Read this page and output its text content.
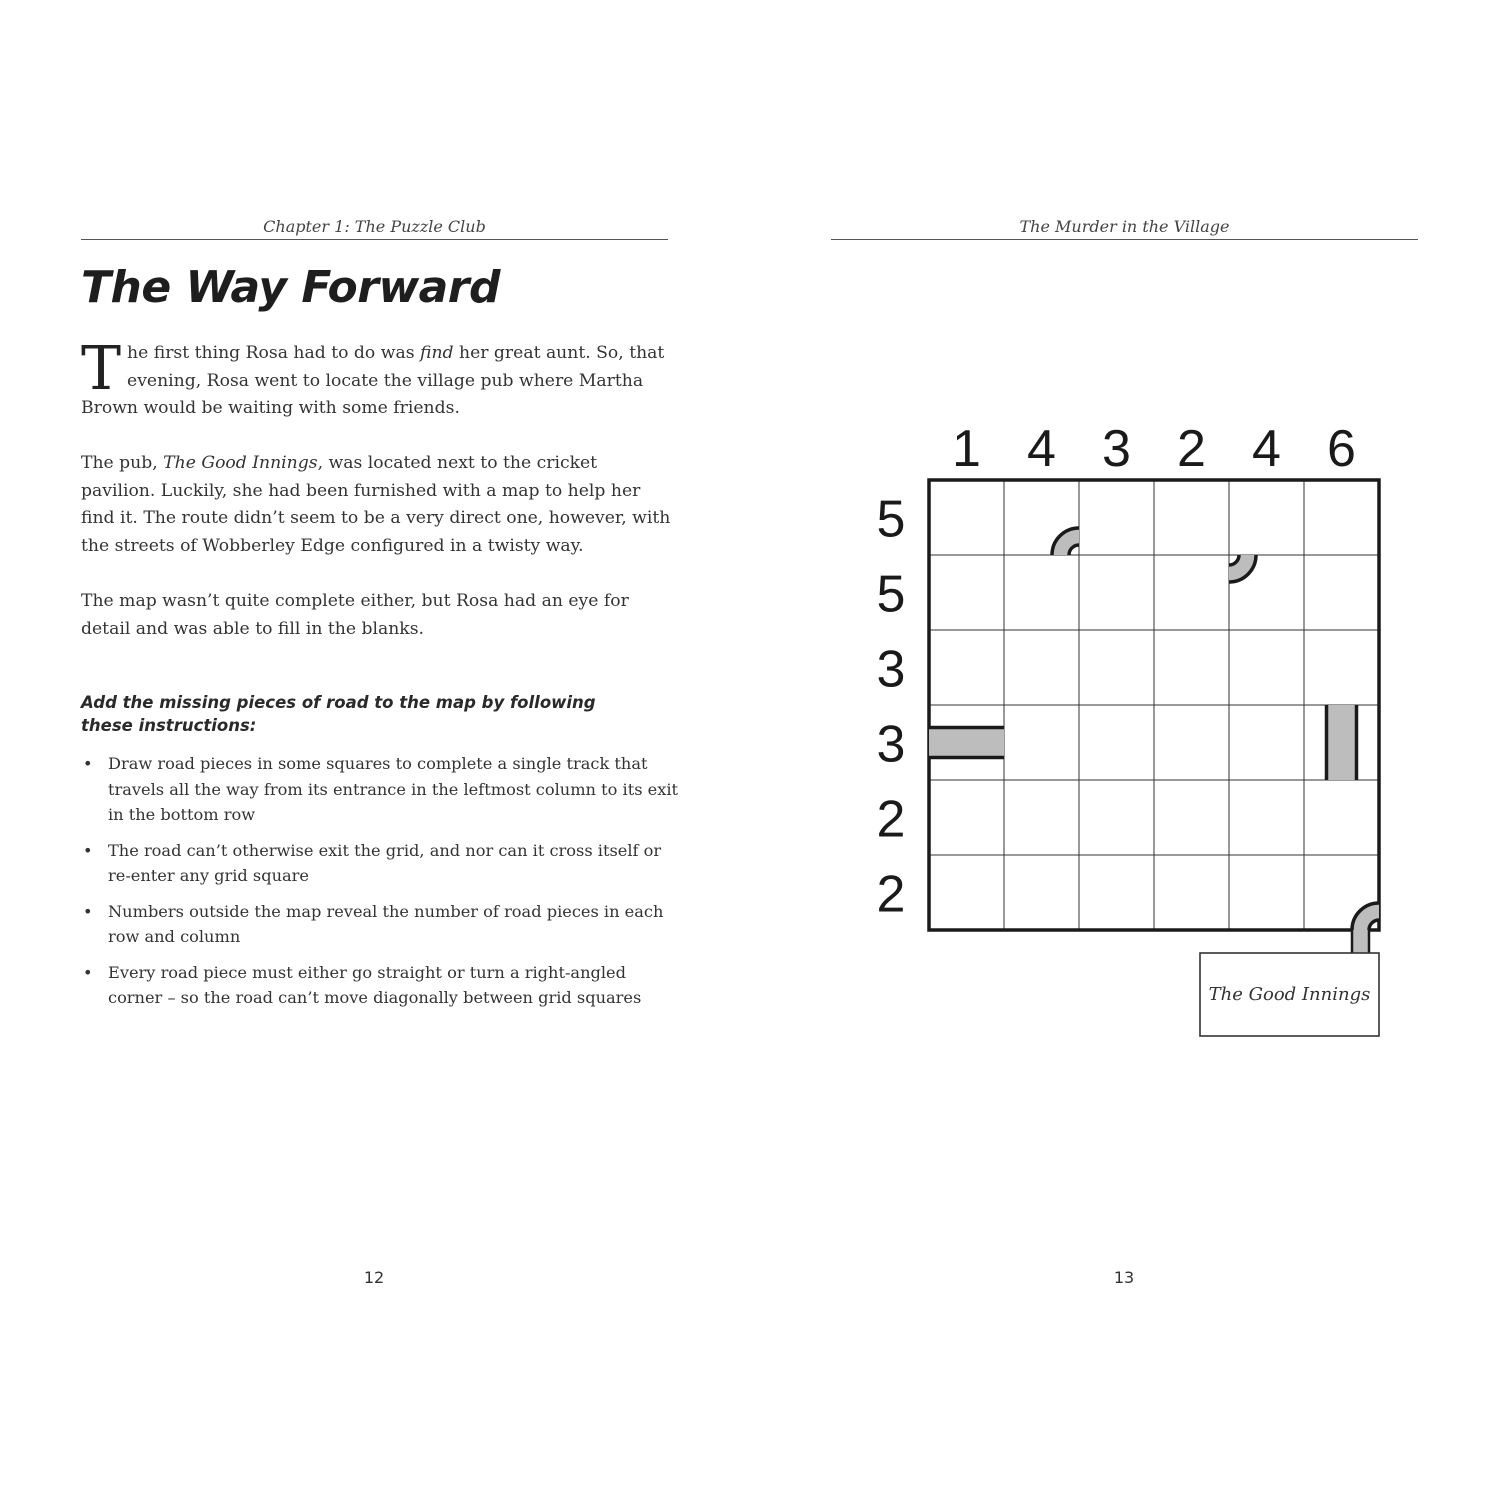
Chapter 1: The Puzzle Club
The Way Forward

The first thing Rosa had to do was find her great aunt. So, that evening, Rosa went to locate the village pub where Martha Brown would be waiting with some friends.

The pub, The Good Innings, was located next to the cricket pavilion. Luckily, she had been furnished with a map to help her find it. The route didn’t seem to be a very direct one, however, with the streets of Wobberley Edge configured in a twisty way.

The map wasn’t quite complete either, but Rosa had an eye for detail and was able to fill in the blanks.

Add the missing pieces of road to the map by following these instructions:

• Draw road pieces in some squares to complete a single track that travels all the way from its entrance in the leftmost column to its exit in the bottom row
• The road can’t otherwise exit the grid, and nor can it cross itself or re-enter any grid square
• Numbers outside the map reveal the number of road pieces in each row and column
• Every road piece must either go straight or turn a right-angled corner – so the road can’t move diagonally between grid squares
12
The Murder in the Village
1 4 3 2 4 6
5
5
3
3
2
2
The Good Innings
13
